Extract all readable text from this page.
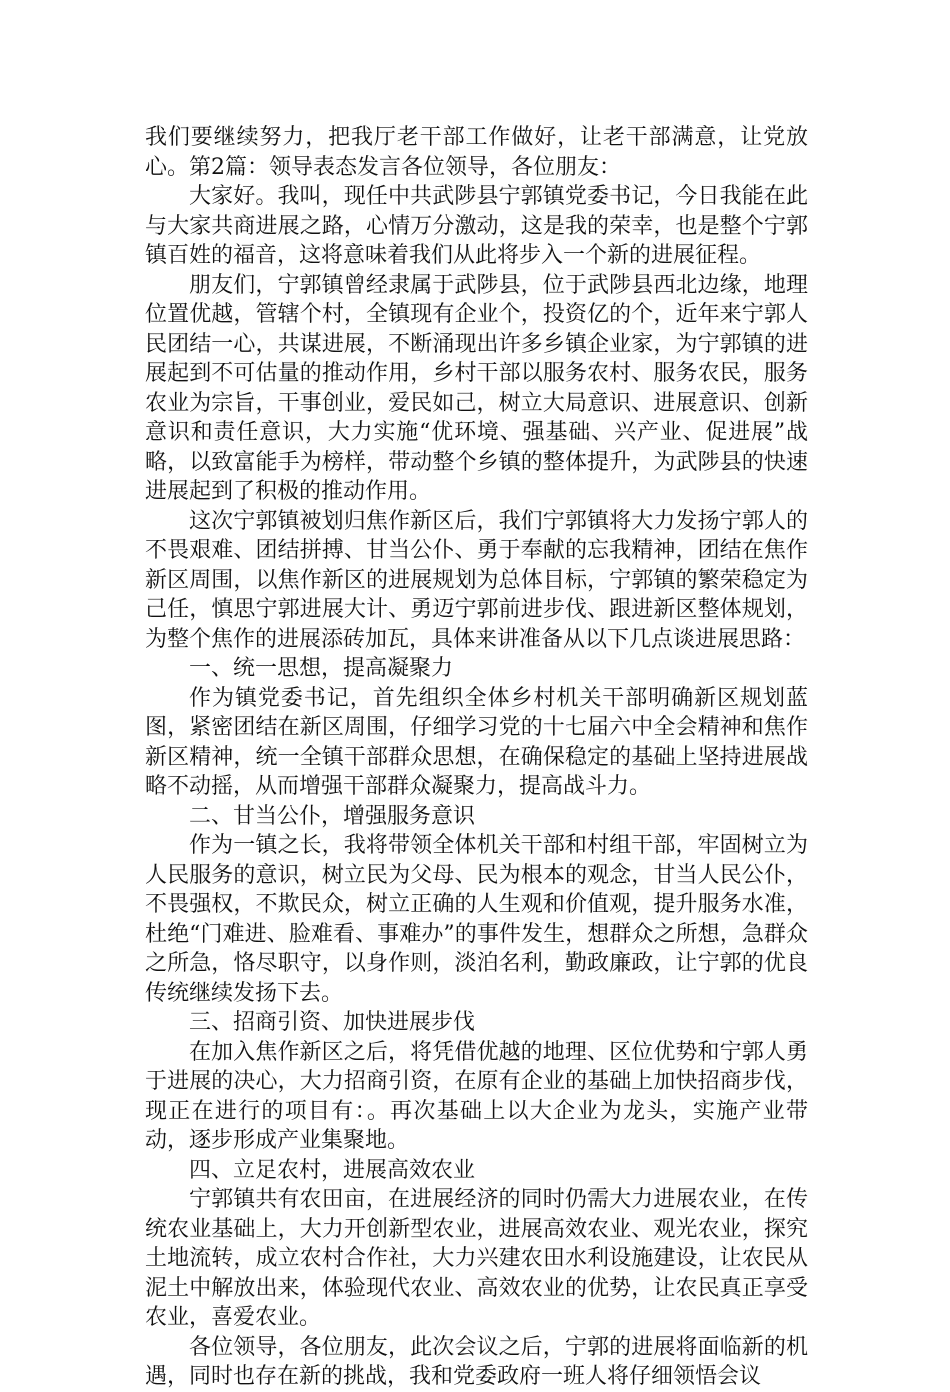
我们要继续努力，把我厅老干部工作做好，让老干部满意，让党放心。第2篇：领导表态发言各位领导，各位朋友：

大家好。我叫，现任中共武陟县宁郭镇党委书记，今日我能在此与大家共商进展之路，心情万分激动，这是我的荣幸，也是整个宁郭镇百姓的福音，这将意味着我们从此将步入一个新的进展征程。

朋友们，宁郭镇曾经隶属于武陟县，位于武陟县西北边缘，地理位置优越，管辖个村，全镇现有企业个，投资亿的个，近年来宁郭人民团结一心，共谋进展，不断涌现出许多乡镇企业家，为宁郭镇的进展起到不可估量的推动作用，乡村干部以服务农村、服务农民，服务农业为宗旨，干事创业，爱民如己，树立大局意识、进展意识、创新意识和责任意识，大力实施“优环境、强基础、兴产业、促进展”战略，以致富能手为榜样，带动整个乡镇的整体提升，为武陟县的快速进展起到了积极的推动作用。

这次宁郭镇被划归焦作新区后，我们宁郭镇将大力发扬宁郭人的不畏艰难、团结拼搏、甘当公仆、勇于奉献的忘我精神，团结在焦作新区周围，以焦作新区的进展规划为总体目标，宁郭镇的繁荣稳定为己任，慎思宁郭进展大计、勇迈宁郭前进步伐、跟进新区整体规划，为整个焦作的进展添砖加瓦，具体来讲准备从以下几点谈进展思路：

一、统一思想，提高凝聚力

作为镇党委书记，首先组织全体乡村机关干部明确新区规划蓝图，紧密团结在新区周围，仔细学习党的十七届六中全会精神和焦作新区精神，统一全镇干部群众思想，在确保稳定的基础上坚持进展战略不动摇，从而增强干部群众凝聚力，提高战斗力。

二、甘当公仆，增强服务意识

作为一镇之长，我将带领全体机关干部和村组干部，牢固树立为人民服务的意识，树立民为父母、民为根本的观念，甘当人民公仆，不畏强权，不欺民众，树立正确的人生观和价值观，提升服务水准，杜绝“门难进、脸难看、事难办”的事件发生，想群众之所想，急群众之所急，恪尽职守，以身作则，淡泊名利，勤政廉政，让宁郭的优良传统继续发扬下去。

三、招商引资、加快进展步伐

在加入焦作新区之后，将凭借优越的地理、区位优势和宁郭人勇于进展的决心，大力招商引资，在原有企业的基础上加快招商步伐，现正在进行的项目有：。再次基础上以大企业为龙头，实施产业带动，逐步形成产业集聚地。

四、立足农村，进展高效农业

宁郭镇共有农田亩，在进展经济的同时仍需大力进展农业，在传统农业基础上，大力开创新型农业，进展高效农业、观光农业，探究土地流转，成立农村合作社，大力兴建农田水利设施建设，让农民从泥土中解放出来，体验现代农业、高效农业的优势，让农民真正享受农业，喜爱农业。

各位领导，各位朋友，此次会议之后，宁郭的进展将面临新的机遇，同时也存在新的挑战，我和党委政府一班人将仔细领悟会议
